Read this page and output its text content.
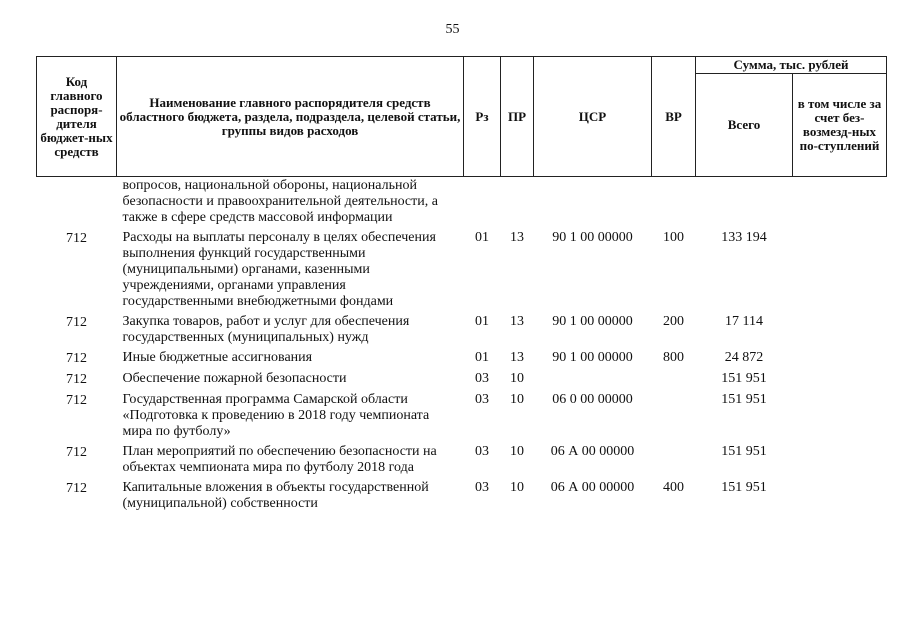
55
Код главного распоря-дителя бюджет-ных средств	Наименование главного распорядителя средств областного бюджета, раздела, подраздела, целевой статьи, группы видов расходов	Рз	ПР	ЦСР	ВР	Сумма, тыс. рублей	
						Всего	в том числе за счет без-возмезд-ных по-ступлений
	вопросов, национальной обороны, национальной безопасности и правоохранительной деятельности, а также в сфере средств массовой информации						
712	Расходы на выплаты персоналу в целях обеспечения выполнения функций государственными (муниципальными) органами, казенными учреждениями, органами управления государственными внебюджетными фондами	01	13	90 1 00 00000	100	133 194	
712	Закупка товаров, работ и услуг для обеспечения государственных (муниципальных) нужд	01	13	90 1 00 00000	200	17 114	
712	Иные бюджетные ассигнования	01	13	90 1 00 00000	800	24 872	
712	Обеспечение пожарной безопасности	03	10			151 951	
712	Государственная программа Самарской области «Подготовка к проведению в 2018 году чемпионата мира по футболу»	03	10	06 0 00 00000		151 951	
712	План мероприятий по обеспечению безопасности на объектах чемпионата мира по футболу 2018 года	03	10	06 А 00 00000		151 951	
712	Капитальные вложения в объекты государственной (муниципальной) собственности	03	10	06 А 00 00000	400	151 951	
